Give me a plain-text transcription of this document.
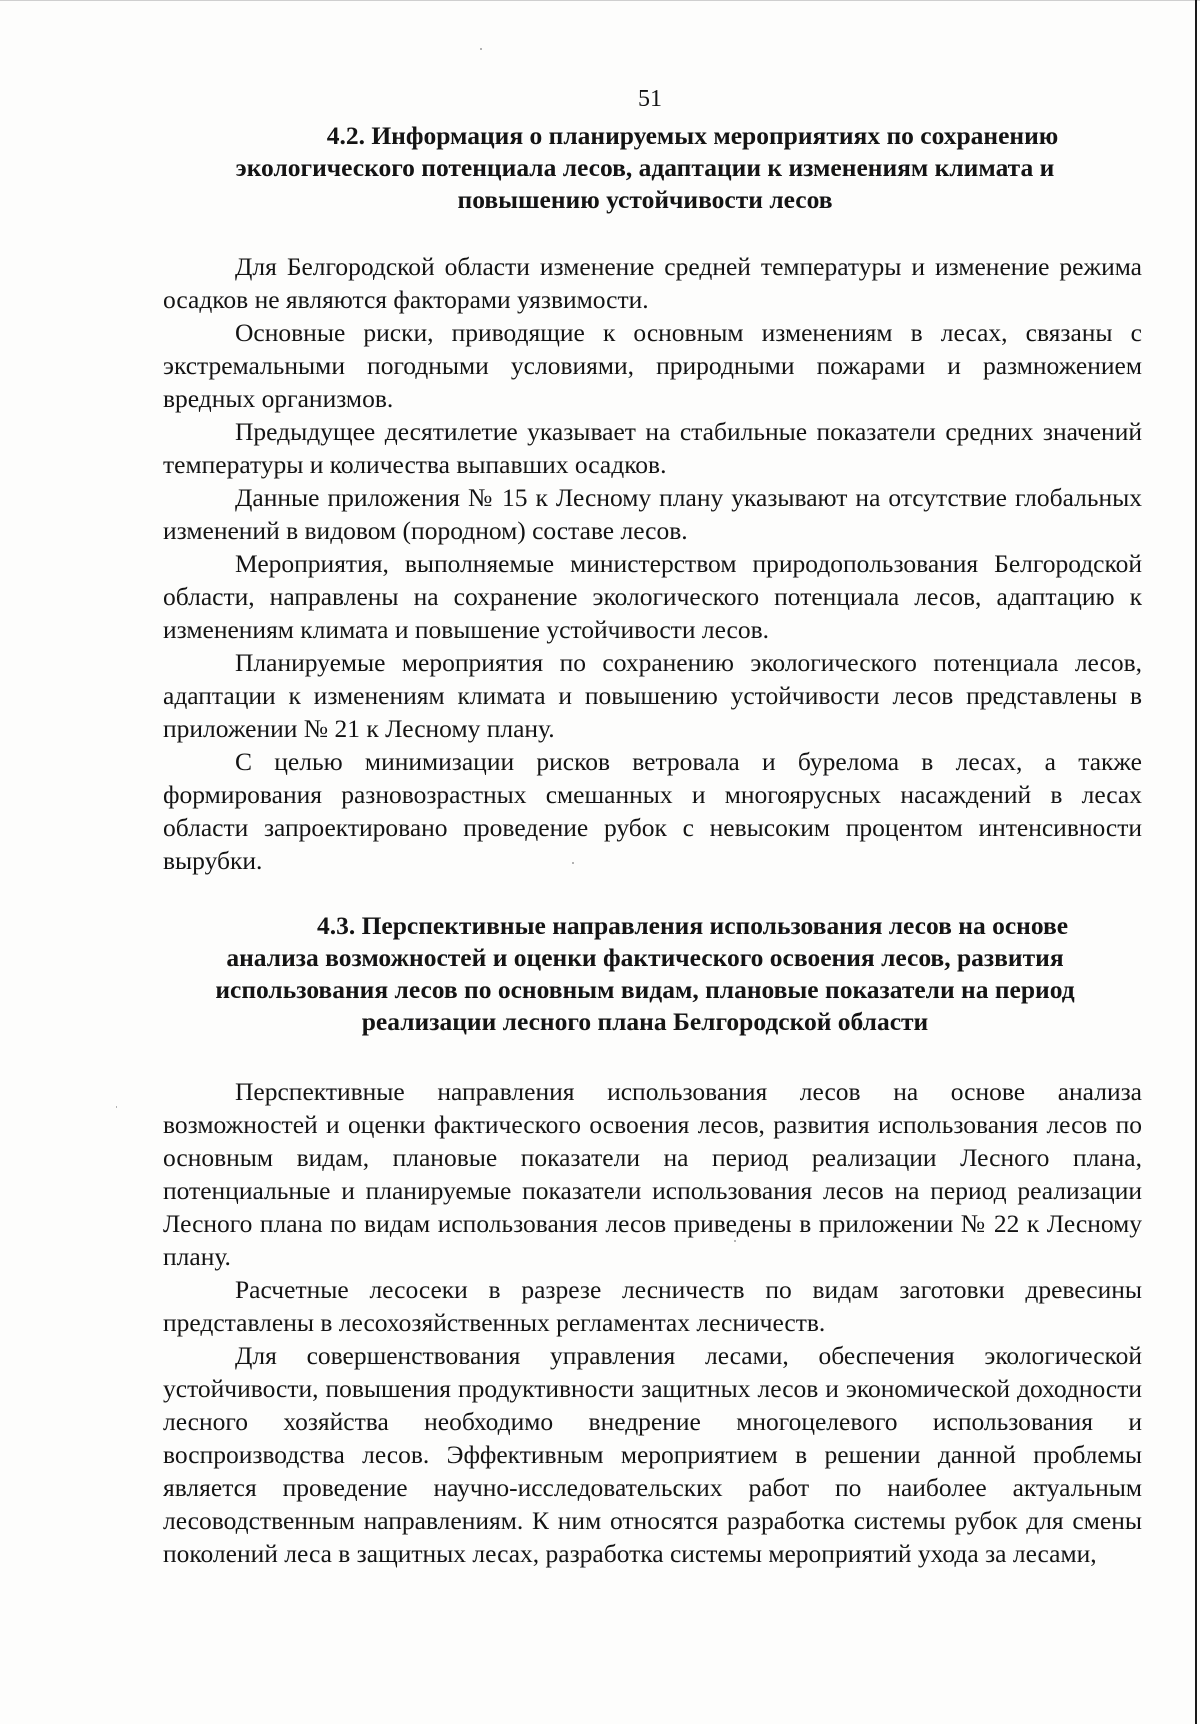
51
4.2. Информация о планируемых мероприятиях по сохранению
экологического потенциала лесов, адаптации к изменениям климата и
повышению устойчивости лесов

Для Белгородской области изменение средней температуры и изменение режима осадков не являются факторами уязвимости.

Основные риски, приводящие к основным изменениям в лесах, связаны с экстремальными погодными условиями, природными пожарами и размножением вредных организмов.

Предыдущее десятилетие указывает на стабильные показатели средних значений температуры и количества выпавших осадков.

Данные приложения № 15 к Лесному плану указывают на отсутствие глобальных изменений в видовом (породном) составе лесов.

Мероприятия, выполняемые министерством природопользования Белгородской области, направлены на сохранение экологического потенциала лесов, адаптацию к изменениям климата и повышение устойчивости лесов.

Планируемые мероприятия по сохранению экологического потенциала лесов, адаптации к изменениям климата и повышению устойчивости лесов представлены в приложении № 21 к Лесному плану.

С целью минимизации рисков ветровала и бурелома в лесах, а также формирования разновозрастных смешанных и многоярусных насаждений в лесах области запроектировано проведение рубок с невысоким процентом интенсивности вырубки.

4.3. Перспективные направления использования лесов на основе
анализа возможностей и оценки фактического освоения лесов, развития
использования лесов по основным видам, плановые показатели на период
реализации лесного плана Белгородской области

Перспективные направления использования лесов на основе анализа возможностей и оценки фактического освоения лесов, развития использования лесов по основным видам, плановые показатели на период реализации Лесного плана, потенциальные и планируемые показатели использования лесов на период реализации Лесного плана по видам использования лесов приведены в приложении № 22 к Лесному плану.

Расчетные лесосеки в разрезе лесничеств по видам заготовки древесины представлены в лесохозяйственных регламентах лесничеств.

Для совершенствования управления лесами, обеспечения экологической устойчивости, повышения продуктивности защитных лесов и экономической доходности лесного хозяйства необходимо внедрение многоцелевого использования и воспроизводства лесов. Эффективным мероприятием в решении данной проблемы является проведение научно-исследовательских работ по наиболее актуальным лесоводственным направлениям. К ним относятся разработка системы рубок для смены поколений леса в защитных лесах, разработка системы мероприятий ухода за лесами,
